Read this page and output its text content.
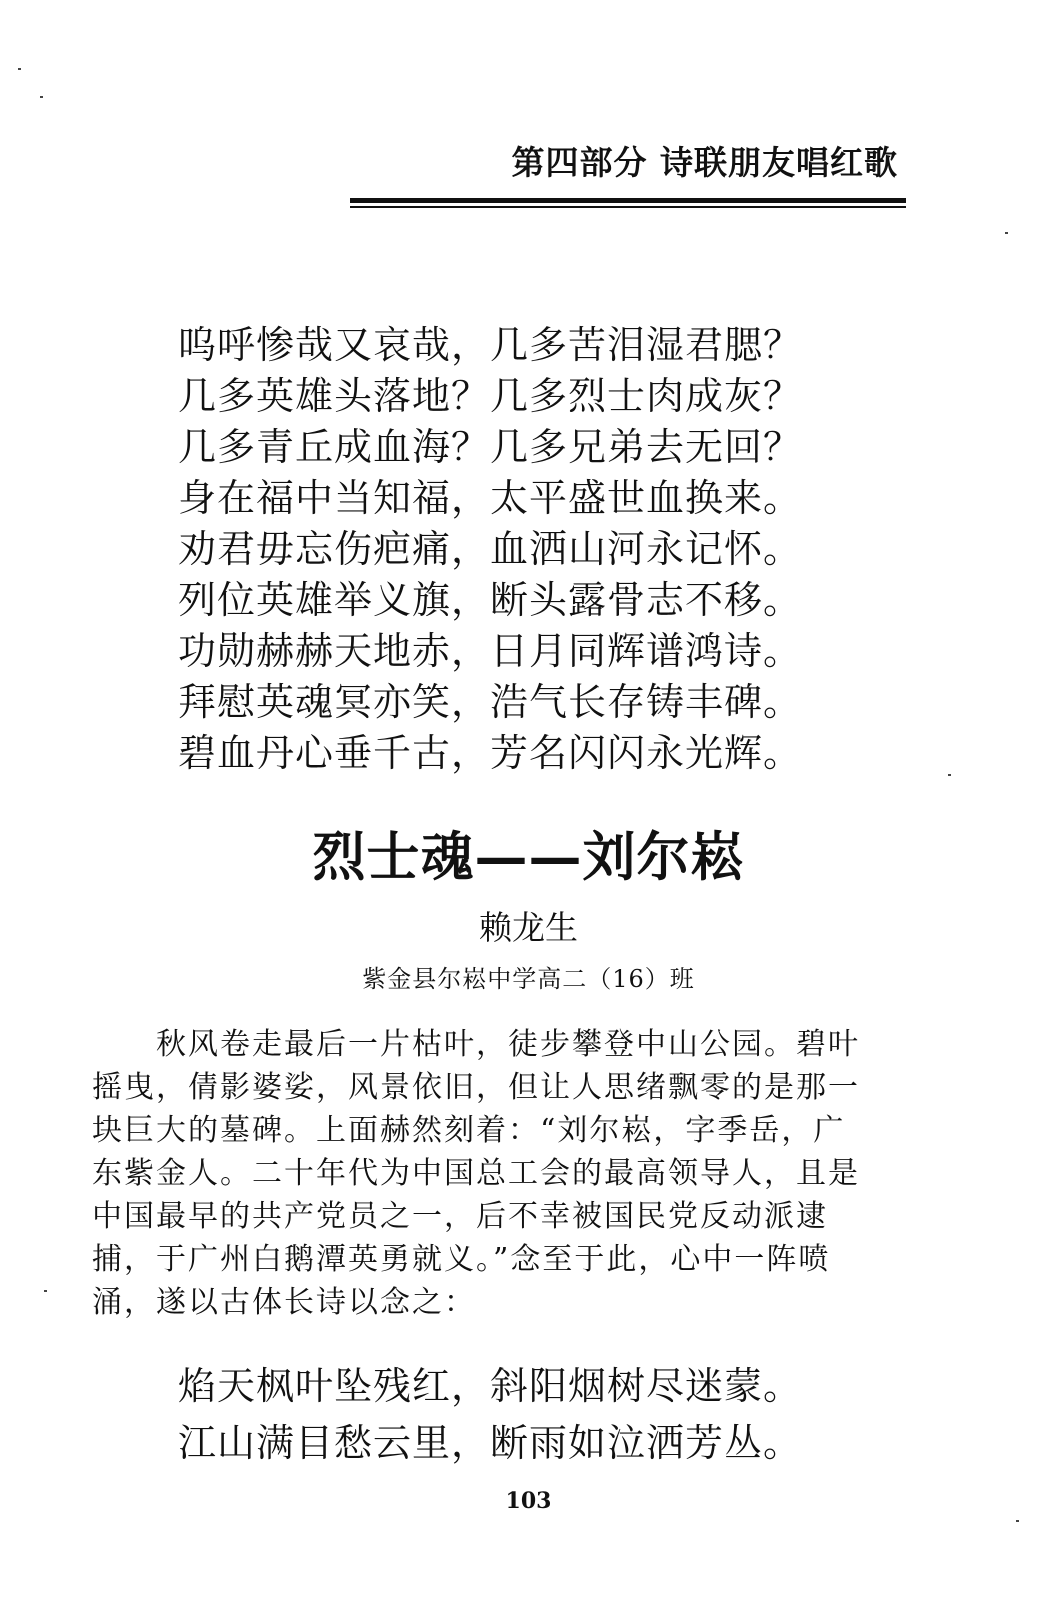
第四部分 诗联朋友唱红歌
呜呼惨哉又哀哉，几多苦泪湿君腮？
几多英雄头落地？几多烈士肉成灰？
几多青丘成血海？几多兄弟去无回？
身在福中当知福，太平盛世血换来。
劝君毋忘伤疤痛，血洒山河永记怀。
列位英雄举义旗，断头露骨志不移。
功勋赫赫天地赤，日月同辉谱鸿诗。
拜慰英魂冥亦笑，浩气长存铸丰碑。
碧血丹心垂千古，芳名闪闪永光辉。
烈士魂——刘尔崧
赖龙生
紫金县尔崧中学高二（16）班
秋风卷走最后一片枯叶，徒步攀登中山公园。碧叶
摇曳，倩影婆娑，风景依旧，但让人思绪飘零的是那一
块巨大的墓碑。上面赫然刻着：“刘尔崧，字季岳，广
东紫金人。二十年代为中国总工会的最高领导人，且是
中国最早的共产党员之一，后不幸被国民党反动派逮
捕，于广州白鹅潭英勇就义。”念至于此，心中一阵喷
涌，遂以古体长诗以念之：
焰天枫叶坠残红，斜阳烟树尽迷蒙。
江山满目愁云里，断雨如泣洒芳丛。
103
